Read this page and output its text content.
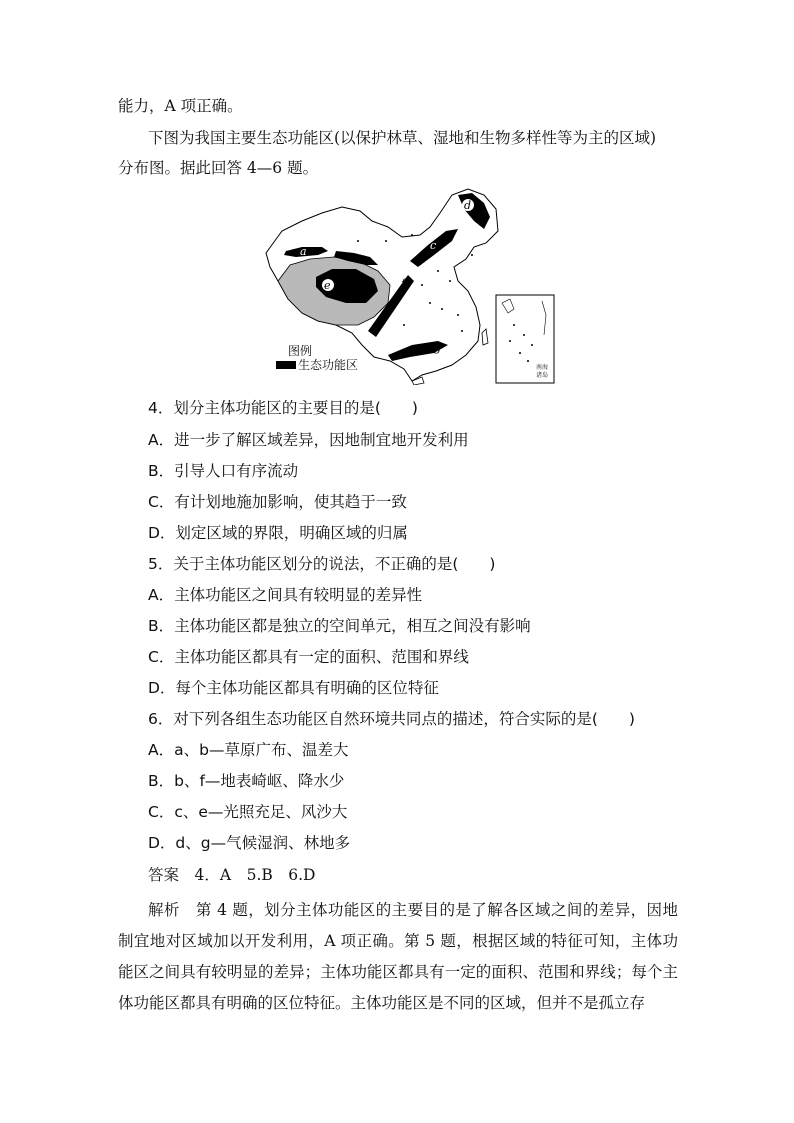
能力，A 项正确。
下图为我国主要生态功能区(以保护林草、湿地和生物多样性等为主的区域)
分布图。据此回答 4—6 题。
a
b
e	f
c
d
g
南海
诸岛
图例
生态功能区
4．划分主体功能区的主要目的是(　　)
A．进一步了解区域差异，因地制宜地开发利用
B．引导人口有序流动
C．有计划地施加影响，使其趋于一致
D．划定区域的界限，明确区域的归属
5．关于主体功能区划分的说法，不正确的是(　　)
A．主体功能区之间具有较明显的差异性
B．主体功能区都是独立的空间单元，相互之间没有影响
C．主体功能区都具有一定的面积、范围和界线
D．每个主体功能区都具有明确的区位特征
6．对下列各组生态功能区自然环境共同点的描述，符合实际的是(　　)
A．a、b—草原广布、温差大
B．b、f—地表崎岖、降水少
C．c、e—光照充足、风沙大
D．d、g—气候湿润、林地多
答案　 4．A　5.B　6.D
解析　 第 4 题，划分主体功能区的主要目的是了解各区域之间的差异，因地制宜地对区域加以开发利用，A 项正确。第 5 题，根据区域的特征可知，主体功能区之间具有较明显的差异；主体功能区都具有一定的面积、范围和界线；每个主体功能区都具有明确的区位特征。主体功能区是不同的区域，但并不是孤立存
